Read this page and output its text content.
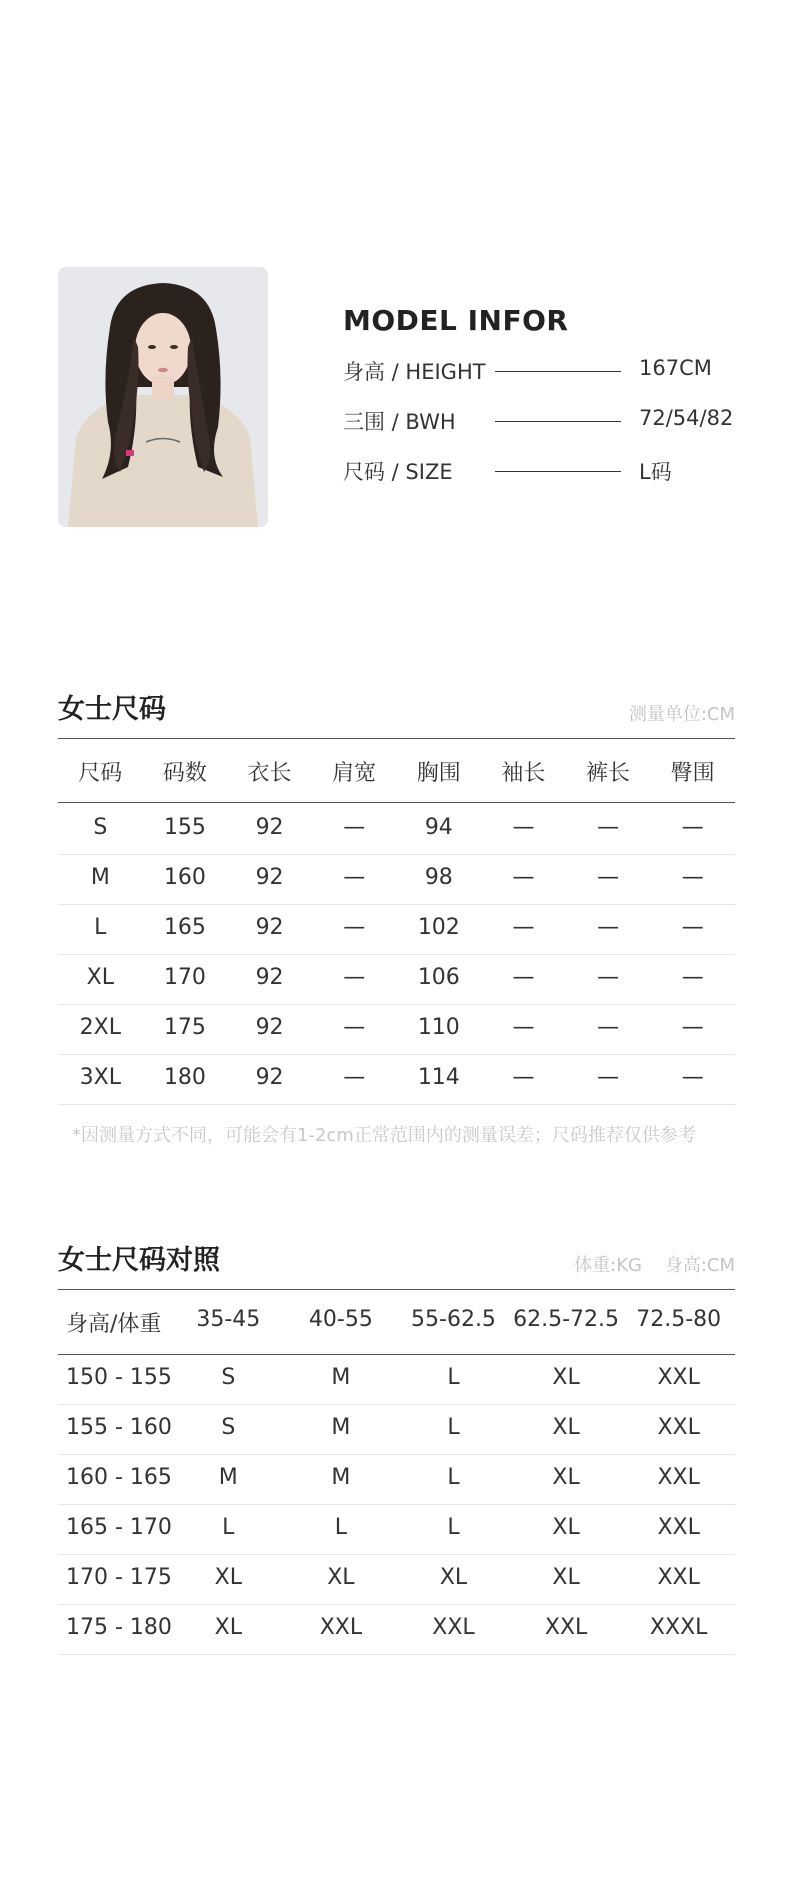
MODEL INFOR
身高 / HEIGHT	167CM
三围 / BWH	72/54/82
尺码 / SIZE	L码
女士尺码	测量单位:CM
尺码	码数	衣长	肩宽	胸围	袖长	裤长	臀围
S	155	92	—	94	—	—	—
M	160	92	—	98	—	—	—
L	165	92	—	102	—	—	—
XL	170	92	—	106	—	—	—
2XL	175	92	—	110	—	—	—
3XL	180	92	—	114	—	—	—
*因测量方式不同，可能会有1-2cm正常范围内的测量误差；尺码推荐仅供参考
女士尺码对照	体重:KG    身高:CM
身高/体重	35-45	40-55	55-62.5 62.5-72.5 72.5-80
150 - 155	S	M	L	XL	XXL
155 - 160	S	M	L	XL	XXL
160 - 165	M	M	L	XL	XXL
165 - 170	L	L	L	XL	XXL
170 - 175	XL	XL	XL	XL	XXL
175 - 180	XL	XXL	XXL	XXL	XXXL
